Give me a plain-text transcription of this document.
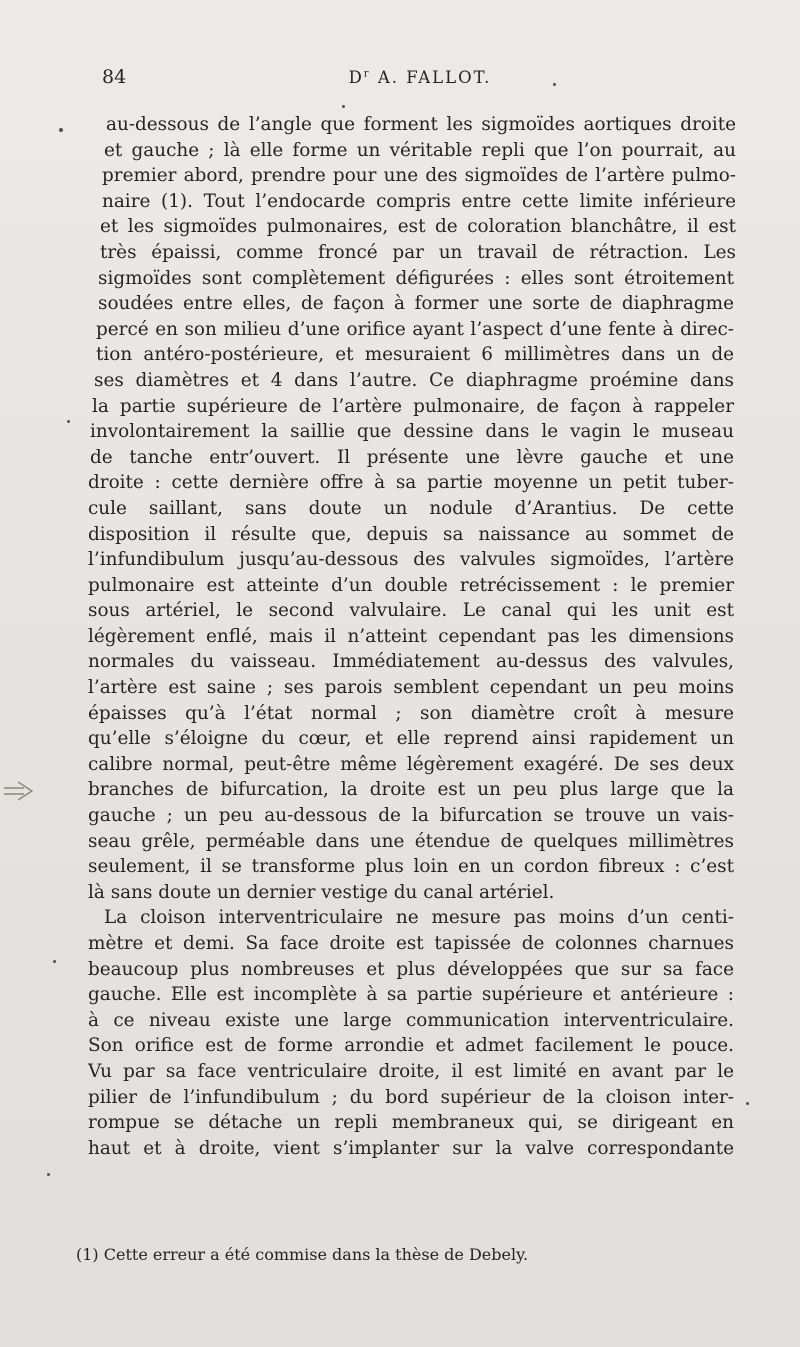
84	$D^r$ A. FALLOT.
au-dessous de l’angle que forment les sigmoïdes aortiques droite
et gauche ; là elle forme un véritable repli que l’on pourrait, au
premier abord, prendre pour une des sigmoïdes de l’artère pulmo-
naire (1). Tout l’endocarde compris entre cette limite inférieure
et les sigmoïdes pulmonaires, est de coloration blanchâtre, il est
très épaissi, comme froncé par un travail de rétraction. Les
sigmoïdes sont complètement défigurées : elles sont étroitement
soudées entre elles, de façon à former une sorte de diaphragme
percé en son milieu d’une orifice ayant l’aspect d’une fente à direc-
tion antéro-postérieure, et mesuraient 6 millimètres dans un de
ses diamètres et 4 dans l’autre. Ce diaphragme proémine dans
la partie supérieure de l’artère pulmonaire, de façon à rappeler
involontairement la saillie que dessine dans le vagin le museau
de tanche entr’ouvert. Il présente une lèvre gauche et une
droite : cette dernière offre à sa partie moyenne un petit tuber-
cule saillant, sans doute un nodule d’Arantius. De cette
disposition il résulte que, depuis sa naissance au sommet de
l’infundibulum jusqu’au-dessous des valvules sigmoïdes, l’artère
pulmonaire est atteinte d’un double retrécissement : le premier
sous artériel, le second valvulaire. Le canal qui les unit est
légèrement enflé, mais il n’atteint cependant pas les dimensions
normales du vaisseau. Immédiatement au-dessus des valvules,
l’artère est saine ; ses parois semblent cependant un peu moins
épaisses qu’à l’état normal ; son diamètre croît à mesure
qu’elle s’éloigne du cœur, et elle reprend ainsi rapidement un
calibre normal, peut-être même légèrement exagéré. De ses deux
branches de bifurcation, la droite est un peu plus large que la
gauche ; un peu au-dessous de la bifurcation se trouve un vais-
seau grêle, perméable dans une étendue de quelques millimètres
seulement, il se transforme plus loin en un cordon fibreux : c’est
là sans doute un dernier vestige du canal artériel.
La cloison interventriculaire ne mesure pas moins d’un centi-
mètre et demi. Sa face droite est tapissée de colonnes charnues
beaucoup plus nombreuses et plus développées que sur sa face
gauche. Elle est incomplète à sa partie supérieure et antérieure :
à ce niveau existe une large communication interventriculaire.
Son orifice est de forme arrondie et admet facilement le pouce.
Vu par sa face ventriculaire droite, il est limité en avant par le
pilier de l’infundibulum ; du bord supérieur de la cloison inter-
rompue se détache un repli membraneux qui, se dirigeant en
haut et à droite, vient s’implanter sur la valve correspondante
(1) Cette erreur a été commise dans la thèse de Debely.
